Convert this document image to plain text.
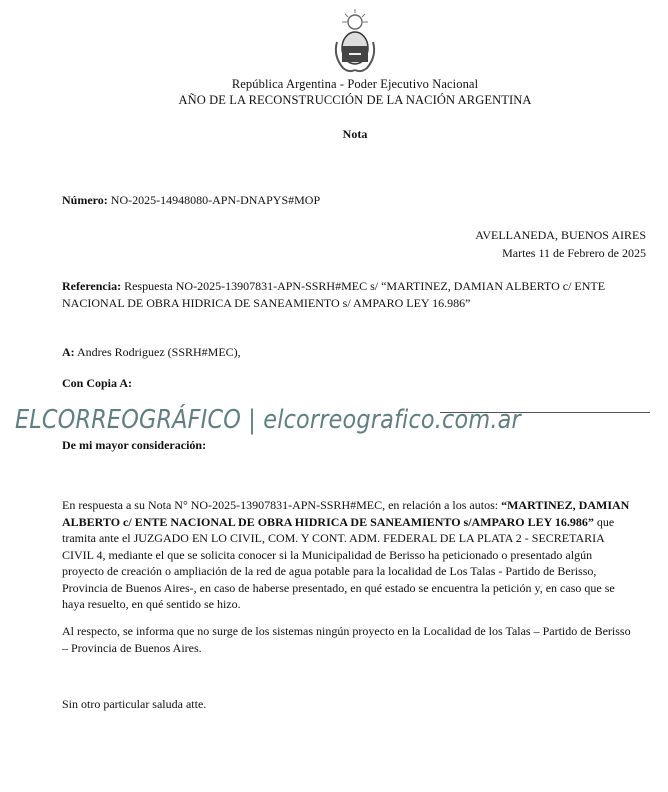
República Argentina - Poder Ejecutivo Nacional
AÑO DE LA RECONSTRUCCIÓN DE LA NACIÓN ARGENTINA
Nota
Número: NO-2025-14948080-APN-DNAPYS#MOP
AVELLANEDA, BUENOS AIRES
Martes 11 de Febrero de 2025
Referencia: Respuesta NO-2025-13907831-APN-SSRH#MEC s/ “MARTINEZ, DAMIAN ALBERTO c/ ENTE
NACIONAL DE OBRA HIDRICA DE SANEAMIENTO s/ AMPARO LEY 16.986”
A: Andres Rodriguez (SSRH#MEC),
Con Copia A:
ELCORREOGRÁFICO | elcorreografico.com.ar
De mi mayor consideración:
En respuesta a su Nota N° NO-2025-13907831-APN-SSRH#MEC, en relación a los autos: “MARTINEZ, DAMIAN ALBERTO c/ ENTE NACIONAL DE OBRA HIDRICA DE SANEAMIENTO s/AMPARO LEY 16.986” que tramita ante el JUZGADO EN LO CIVIL, COM. Y CONT. ADM. FEDERAL DE LA PLATA 2 - SECRETARIA CIVIL 4, mediante el que se solicita conocer si la Municipalidad de Berisso ha peticionado o presentado algún proyecto de creación o ampliación de la red de agua potable para la localidad de Los Talas - Partido de Berisso, Provincia de Buenos Aires-, en caso de haberse presentado, en qué estado se encuentra la petición y, en caso que se haya resuelto, en qué sentido se hizo.
Al respecto, se informa que no surge de los sistemas ningún proyecto en la Localidad de los Talas – Partido de Berisso – Provincia de Buenos Aires.
Sin otro particular saluda atte.
